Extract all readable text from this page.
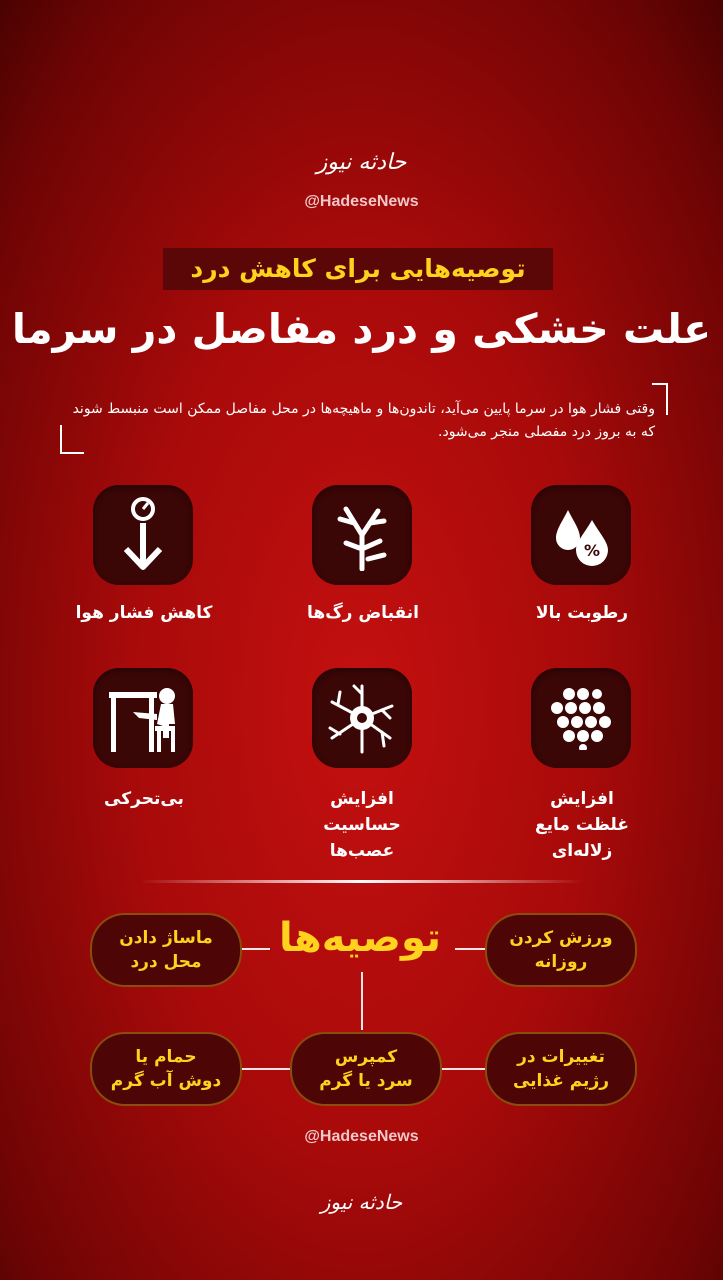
حادثه نیوز
@HadeseNews
توصیه‌هایی برای کاهش درد
علت خشکی و درد مفاصل در سرما
وقتی فشار هوا در سرما پایین می‌آید، تاندون‌ها و ماهیچه‌ها در محل مفاصل ممکن است منبسط شوند که به بروز درد مفصلی منجر می‌شود.
%
رطوبت بالا
انقباض رگ‌ها
کاهش فشار هوا
افزایش غلظت مایع زلاله‌ای
افزایش حساسیت عصب‌ها
بی‌تحرکی
توصیه‌ها	ورزش کردن
روزانه
ماساژ دادن
محل درد
تغییرات در
رژیم غذایی
کمپرس
سرد یا گرم
حمام یا
دوش آب گرم
@HadeseNews
حادثه نیوز
